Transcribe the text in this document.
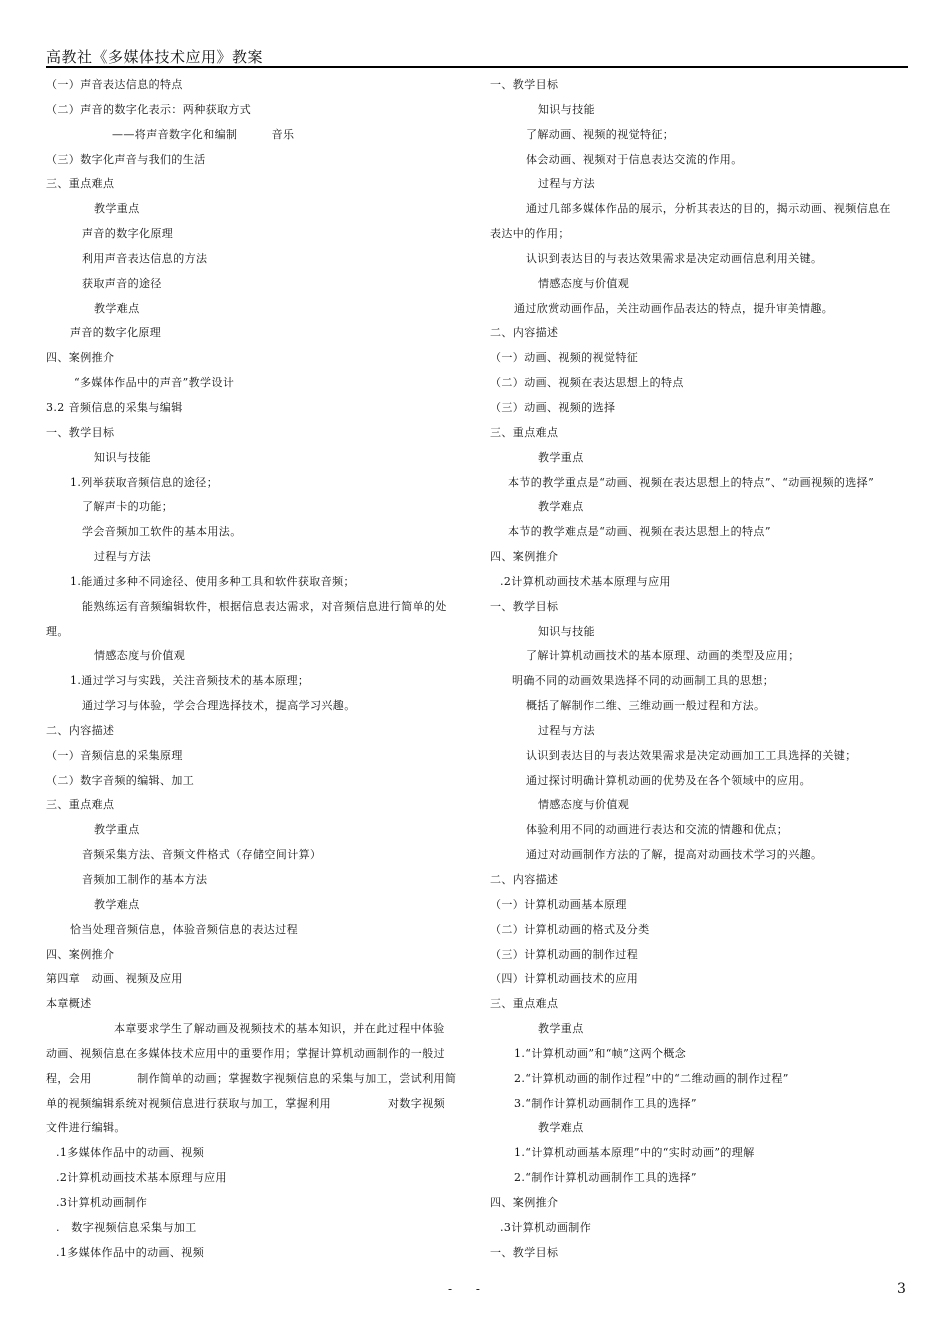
高教社《多媒体技术应用》教案
（一）声音表达信息的特点
（二）声音的数字化表示：两种获取方式
——将声音数字化和编制　　　音乐
（三）数字化声音与我们的生活
三、重点难点
教学重点
声音的数字化原理
利用声音表达信息的方法
获取声音的途径
教学难点
声音的数字化原理
四、案例推介
“多媒体作品中的声音”教学设计
3.2 音频信息的采集与编辑
一、教学目标
知识与技能
1.列举获取音频信息的途径；
了解声卡的功能；
学会音频加工软件的基本用法。
过程与方法
1.能通过多种不同途径、使用多种工具和软件获取音频；
能熟练运有音频编辑软件，根据信息表达需求，对音频信息进行简单的处
理。
情感态度与价值观
1.通过学习与实践，关注音频技术的基本原理；
通过学习与体验，学会合理选择技术，提高学习兴趣。
二、内容描述
（一）音频信息的采集原理
（二）数字音频的编辑、加工
三、重点难点
教学重点
音频采集方法、音频文件格式（存储空间计算）
音频加工制作的基本方法
教学难点
恰当处理音频信息，体验音频信息的表达过程
四、案例推介
第四章　动画、视频及应用
本章概述
本章要求学生了解动画及视频技术的基本知识，并在此过程中体验
动画、视频信息在多媒体技术应用中的重要作用；掌握计算机动画制作的一般过
程，会用　　　　制作简单的动画；掌握数字视频信息的采集与加工，尝试利用简
单的视频编辑系统对视频信息进行获取与加工，掌握利用　　　　　对数字视频
文件进行编辑。
.1多媒体作品中的动画、视频
.2计算机动画技术基本原理与应用
.3计算机动画制作
.　数字视频信息采集与加工
.1多媒体作品中的动画、视频
一、教学目标
知识与技能
了解动画、视频的视觉特征；
体会动画、视频对于信息表达交流的作用。
过程与方法
通过几部多媒体作品的展示，分析其表达的目的，揭示动画、视频信息在
表达中的作用；
认识到表达目的与表达效果需求是决定动画信息利用关键。
情感态度与价值观
通过欣赏动画作品，关注动画作品表达的特点，提升审美情趣。
二、内容描述
（一）动画、视频的视觉特征
（二）动画、视频在表达思想上的特点
（三）动画、视频的选择
三、重点难点
教学重点
本节的教学重点是“动画、视频在表达思想上的特点”、“动画视频的选择”
教学难点
本节的教学难点是“动画、视频在表达思想上的特点”
四、案例推介
.2计算机动画技术基本原理与应用
一、教学目标
知识与技能
了解计算机动画技术的基本原理、动画的类型及应用；
明确不同的动画效果选择不同的动画制工具的思想；
概括了解制作二维、三维动画一般过程和方法。
过程与方法
认识到表达目的与表达效果需求是决定动画加工工具选择的关键；
通过探讨明确计算机动画的优势及在各个领域中的应用。
情感态度与价值观
体验利用不同的动画进行表达和交流的情趣和优点；
通过对动画制作方法的了解，提高对动画技术学习的兴趣。
二、内容描述
（一）计算机动画基本原理
（二）计算机动画的格式及分类
（三）计算机动画的制作过程
（四）计算机动画技术的应用
三、重点难点
教学重点
1.“计算机动画”和“帧”这两个概念
2.“计算机动画的制作过程”中的“二维动画的制作过程”
3.“制作计算机动画制作工具的选择”
教学难点
1.“计算机动画基本原理”中的“实时动画”的理解
2.“制作计算机动画制作工具的选择”
四、案例推介
.3计算机动画制作
一、教学目标
- -	3
